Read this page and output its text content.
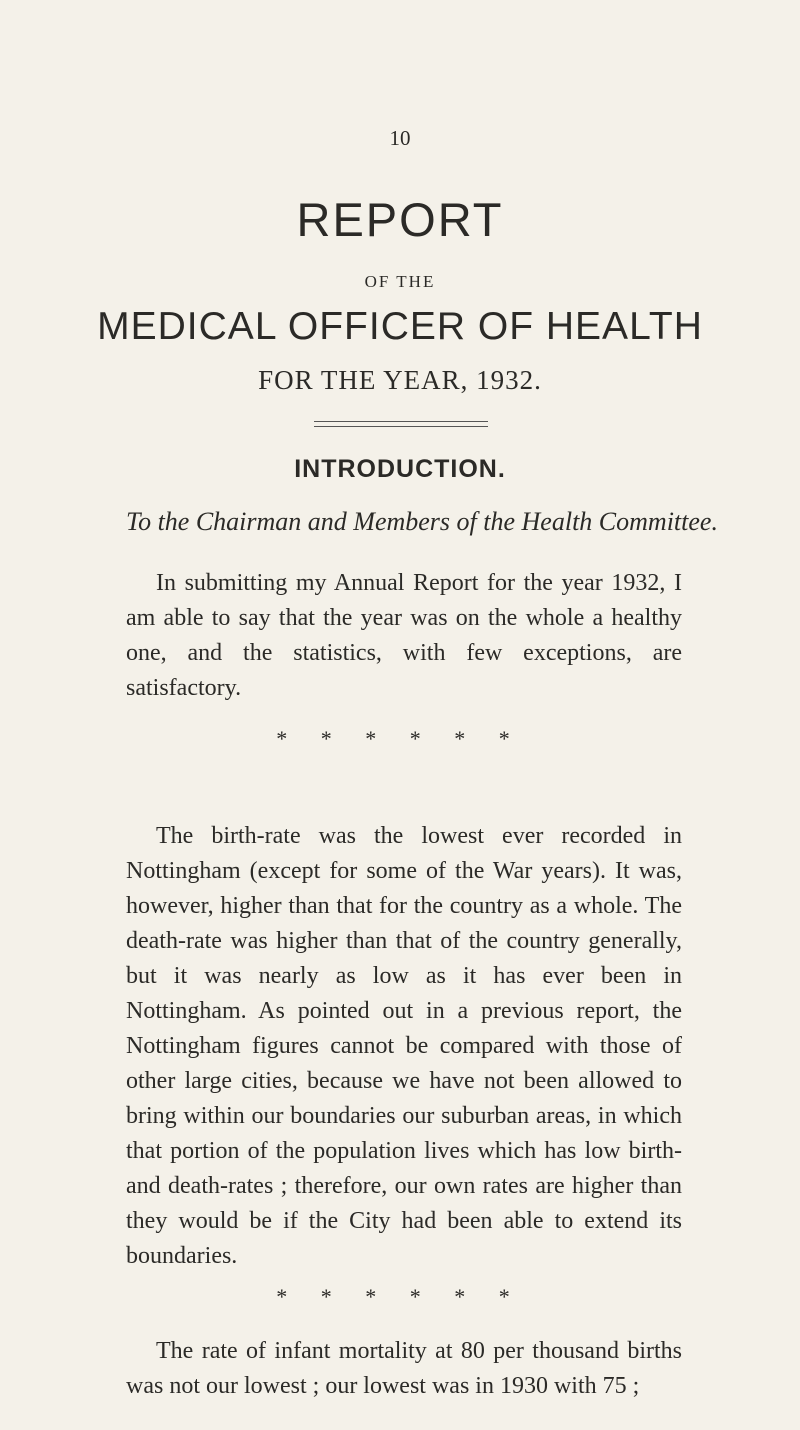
10
REPORT
OF THE
MEDICAL OFFICER OF HEALTH
FOR THE YEAR, 1932.
INTRODUCTION.
To the Chairman and Members of the Health Committee.

In submitting my Annual Report for the year 1932, I am able to say that the year was on the whole a healthy one, and the statistics, with few exceptions, are satisfactory.

* * * * * *

The birth-rate was the lowest ever recorded in Nottingham (except for some of the War years). It was, however, higher than that for the country as a whole. The death-rate was higher than that of the country generally, but it was nearly as low as it has ever been in Nottingham. As pointed out in a previous report, the Nottingham figures cannot be compared with those of other large cities, because we have not been allowed to bring within our boundaries our suburban areas, in which that portion of the population lives which has low birth-and death-rates ; therefore, our own rates are higher than they would be if the City had been able to extend its boundaries.

* * * * * *

The rate of infant mortality at 80 per thousand births was not our lowest ; our lowest was in 1930 with 75 ;
